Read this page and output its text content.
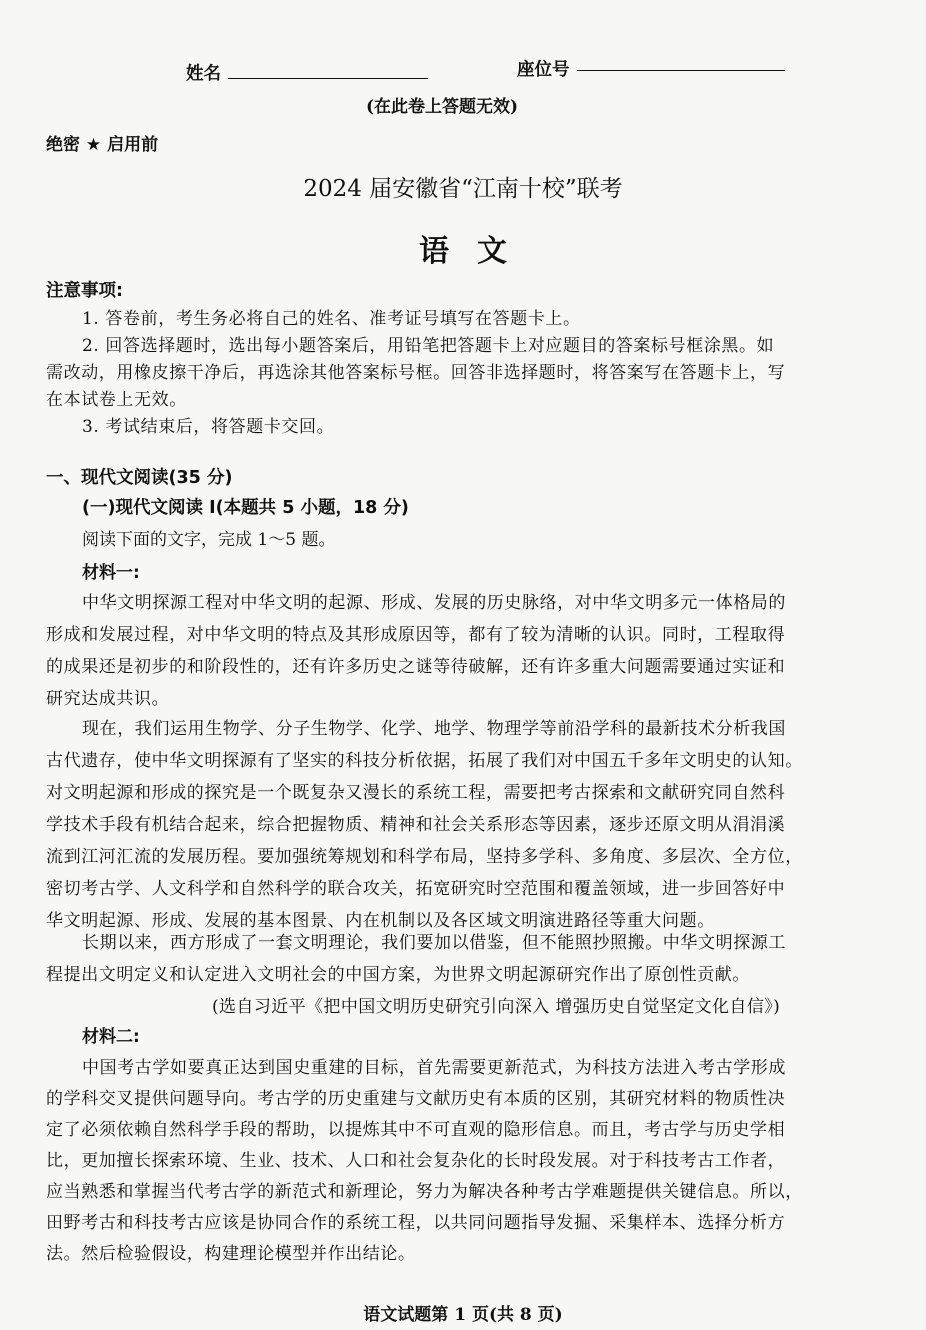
姓名	座位号
(在此卷上答题无效)
绝密 ★ 启用前
2024 届安徽省“江南十校”联考
语文
注意事项:
1. 答卷前，考生务必将自己的姓名、准考证号填写在答题卡上。
2. 回答选择题时，选出每小题答案后，用铅笔把答题卡上对应题目的答案标号框涂黑。如
需改动，用橡皮擦干净后，再选涂其他答案标号框。回答非选择题时，将答案写在答题卡上，写
在本试卷上无效。
3. 考试结束后，将答题卡交回。
一、现代文阅读(35 分)
(一)现代文阅读 I(本题共 5 小题，18 分)
阅读下面的文字，完成 1～5 题。
材料一:
中华文明探源工程对中华文明的起源、形成、发展的历史脉络，对中华文明多元一体格局的
形成和发展过程，对中华文明的特点及其形成原因等，都有了较为清晰的认识。同时，工程取得
的成果还是初步的和阶段性的，还有许多历史之谜等待破解，还有许多重大问题需要通过实证和
研究达成共识。
现在，我们运用生物学、分子生物学、化学、地学、物理学等前沿学科的最新技术分析我国
古代遗存，使中华文明探源有了坚实的科技分析依据，拓展了我们对中国五千多年文明史的认知。
对文明起源和形成的探究是一个既复杂又漫长的系统工程，需要把考古探索和文献研究同自然科
学技术手段有机结合起来，综合把握物质、精神和社会关系形态等因素，逐步还原文明从涓涓溪
流到江河汇流的发展历程。要加强统筹规划和科学布局，坚持多学科、多角度、多层次、全方位，
密切考古学、人文科学和自然科学的联合攻关，拓宽研究时空范围和覆盖领域，进一步回答好中
华文明起源、形成、发展的基本图景、内在机制以及各区域文明演进路径等重大问题。
长期以来，西方形成了一套文明理论，我们要加以借鉴，但不能照抄照搬。中华文明探源工
程提出文明定义和认定进入文明社会的中国方案，为世界文明起源研究作出了原创性贡献。
(选自习近平《把中国文明历史研究引向深入 增强历史自觉坚定文化自信》)
材料二:
中国考古学如要真正达到国史重建的目标，首先需要更新范式，为科技方法进入考古学形成
的学科交叉提供问题导向。考古学的历史重建与文献历史有本质的区别，其研究材料的物质性决
定了必须依赖自然科学手段的帮助，以提炼其中不可直观的隐形信息。而且，考古学与历史学相
比，更加擅长探索环境、生业、技术、人口和社会复杂化的长时段发展。对于科技考古工作者，
应当熟悉和掌握当代考古学的新范式和新理论，努力为解决各种考古学难题提供关键信息。所以，
田野考古和科技考古应该是协同合作的系统工程，以共同问题指导发掘、采集样本、选择分析方
法。然后检验假设，构建理论模型并作出结论。
语文试题第 1 页(共 8 页)
